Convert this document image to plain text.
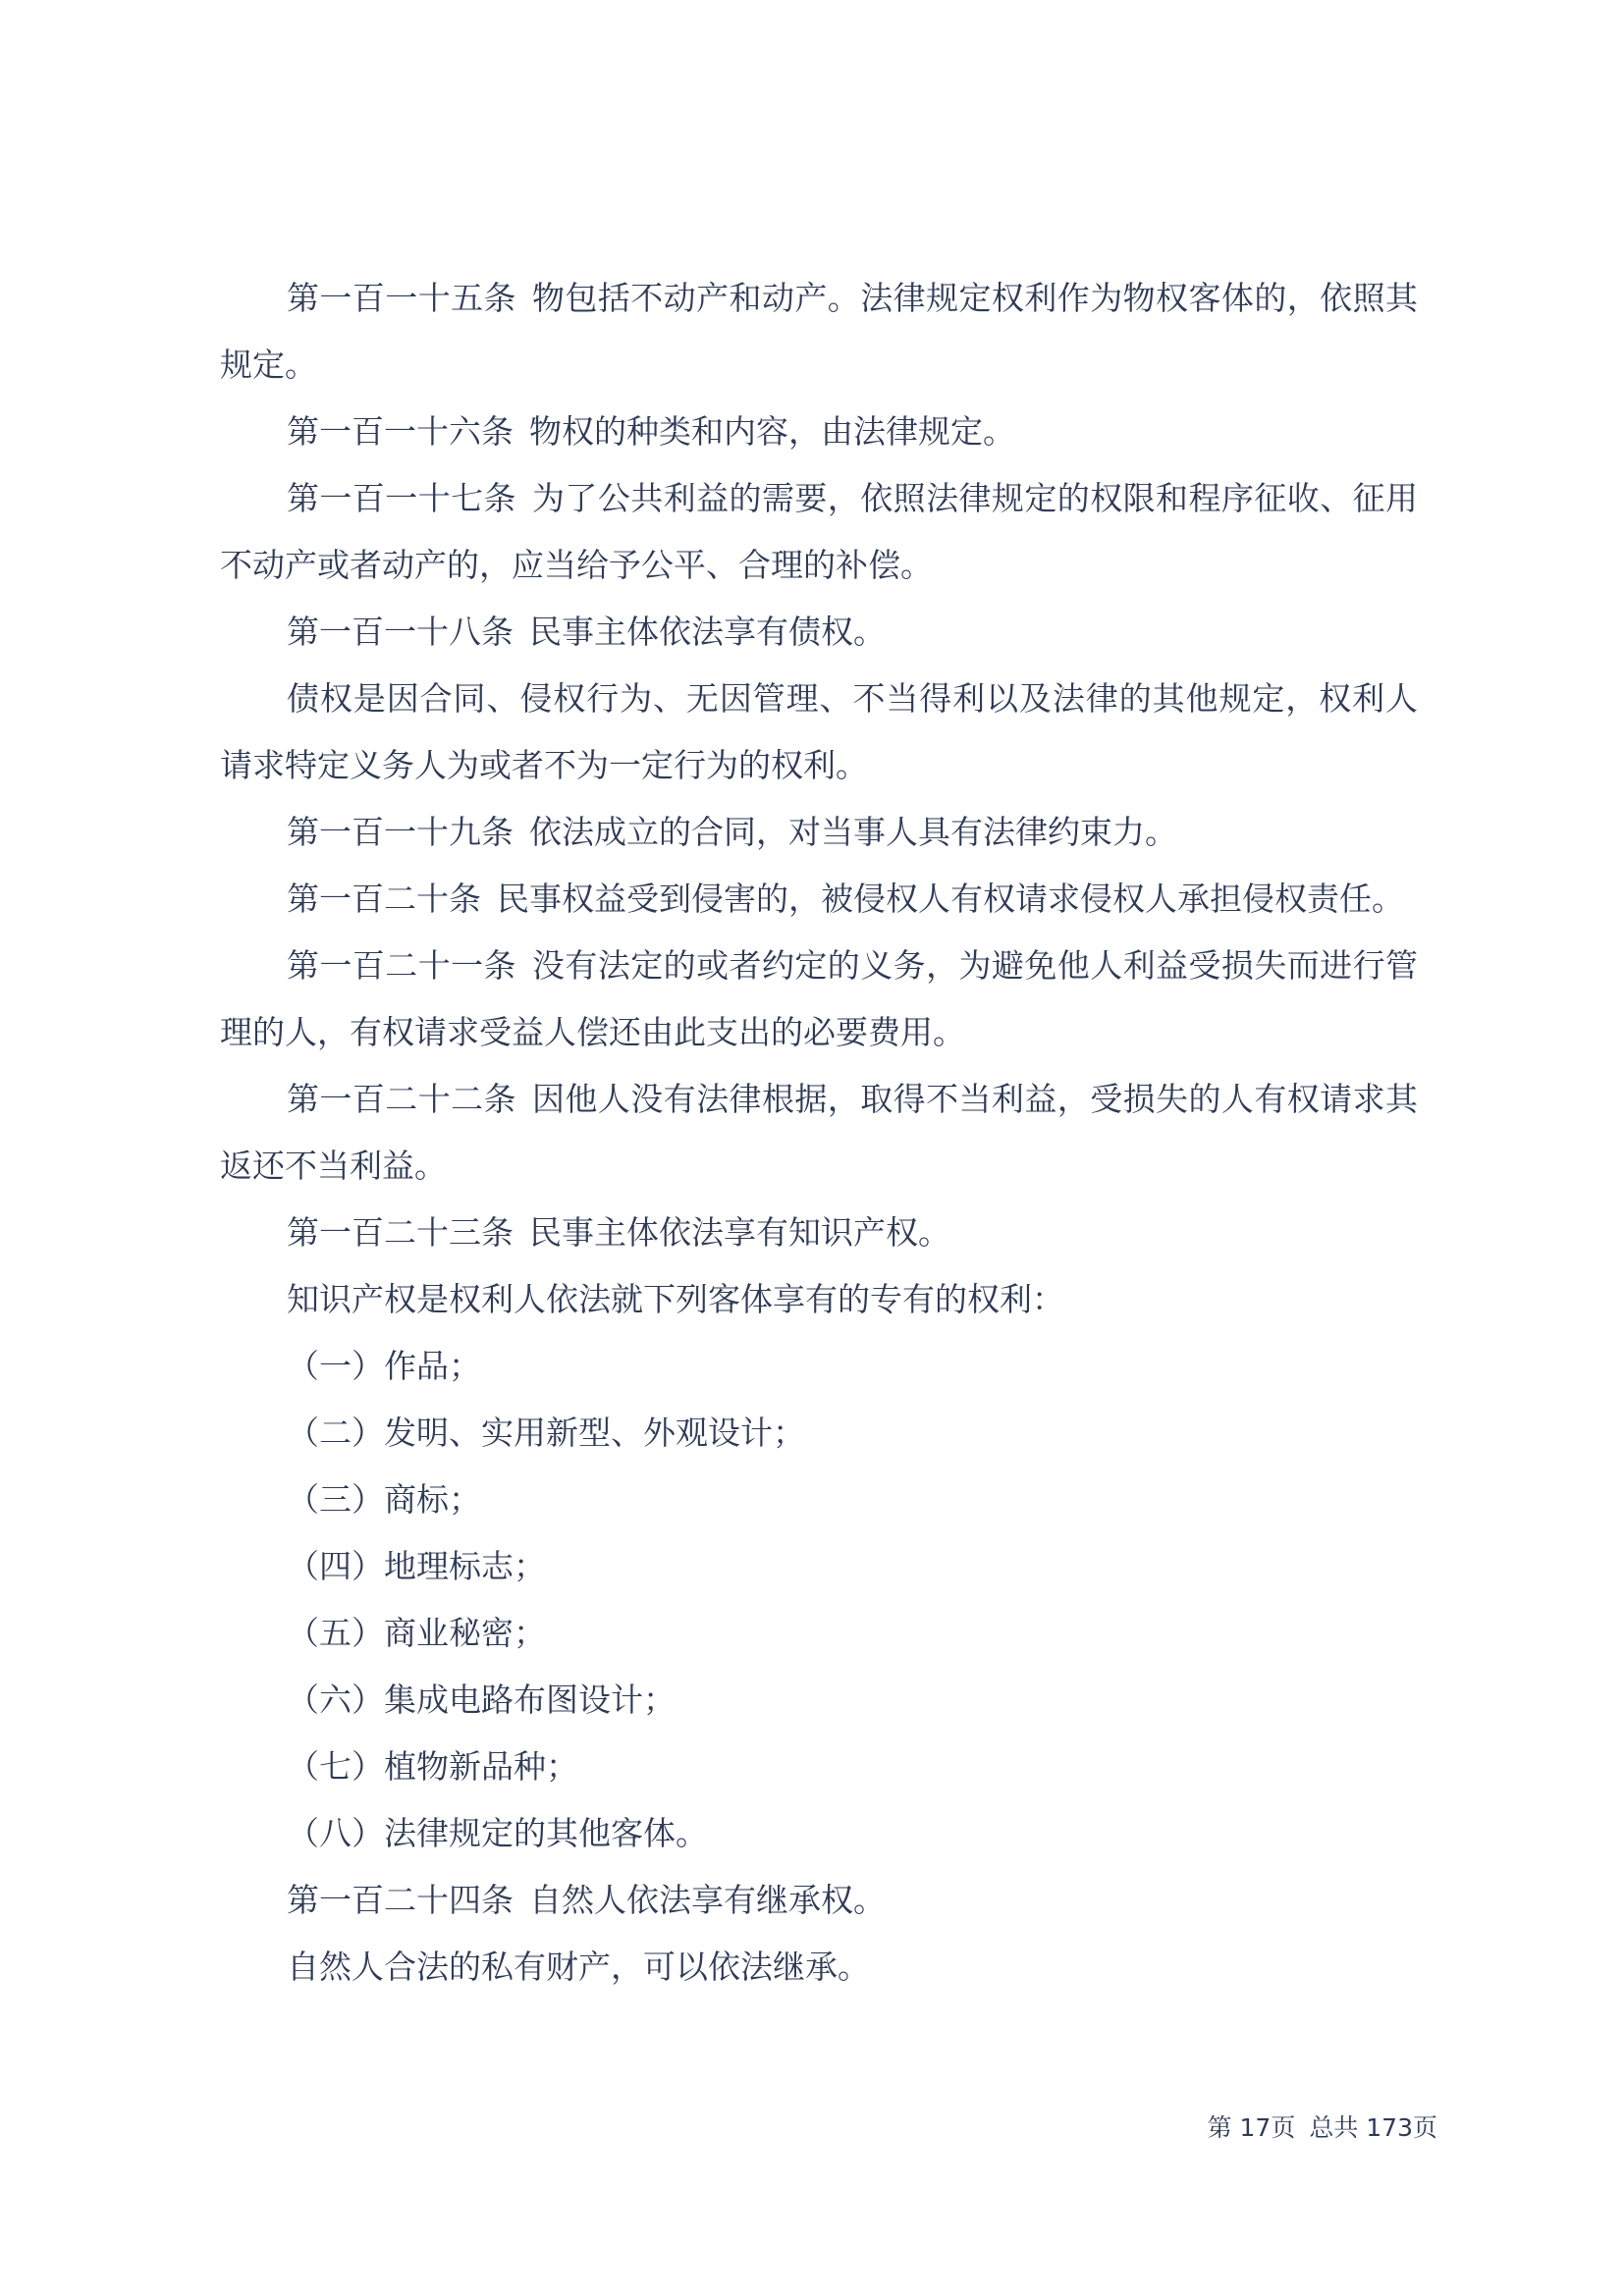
第一百一十五条 物包括不动产和动产。法律规定权利作为物权客体的，依照其规定。

第一百一十六条 物权的种类和内容，由法律规定。

第一百一十七条 为了公共利益的需要，依照法律规定的权限和程序征收、征用不动产或者动产的，应当给予公平、合理的补偿。

第一百一十八条 民事主体依法享有债权。

债权是因合同、侵权行为、无因管理、不当得利以及法律的其他规定，权利人请求特定义务人为或者不为一定行为的权利。

第一百一十九条 依法成立的合同，对当事人具有法律约束力。

第一百二十条 民事权益受到侵害的，被侵权人有权请求侵权人承担侵权责任。

第一百二十一条 没有法定的或者约定的义务，为避免他人利益受损失而进行管理的人，有权请求受益人偿还由此支出的必要费用。

第一百二十二条 因他人没有法律根据，取得不当利益，受损失的人有权请求其返还不当利益。

第一百二十三条 民事主体依法享有知识产权。

知识产权是权利人依法就下列客体享有的专有的权利：

（一）作品；

（二）发明、实用新型、外观设计；

（三）商标；

（四）地理标志；

（五）商业秘密；

（六）集成电路布图设计；

（七）植物新品种；

（八）法律规定的其他客体。

第一百二十四条 自然人依法享有继承权。

自然人合法的私有财产，可以依法继承。

第 17页 总共 173页
